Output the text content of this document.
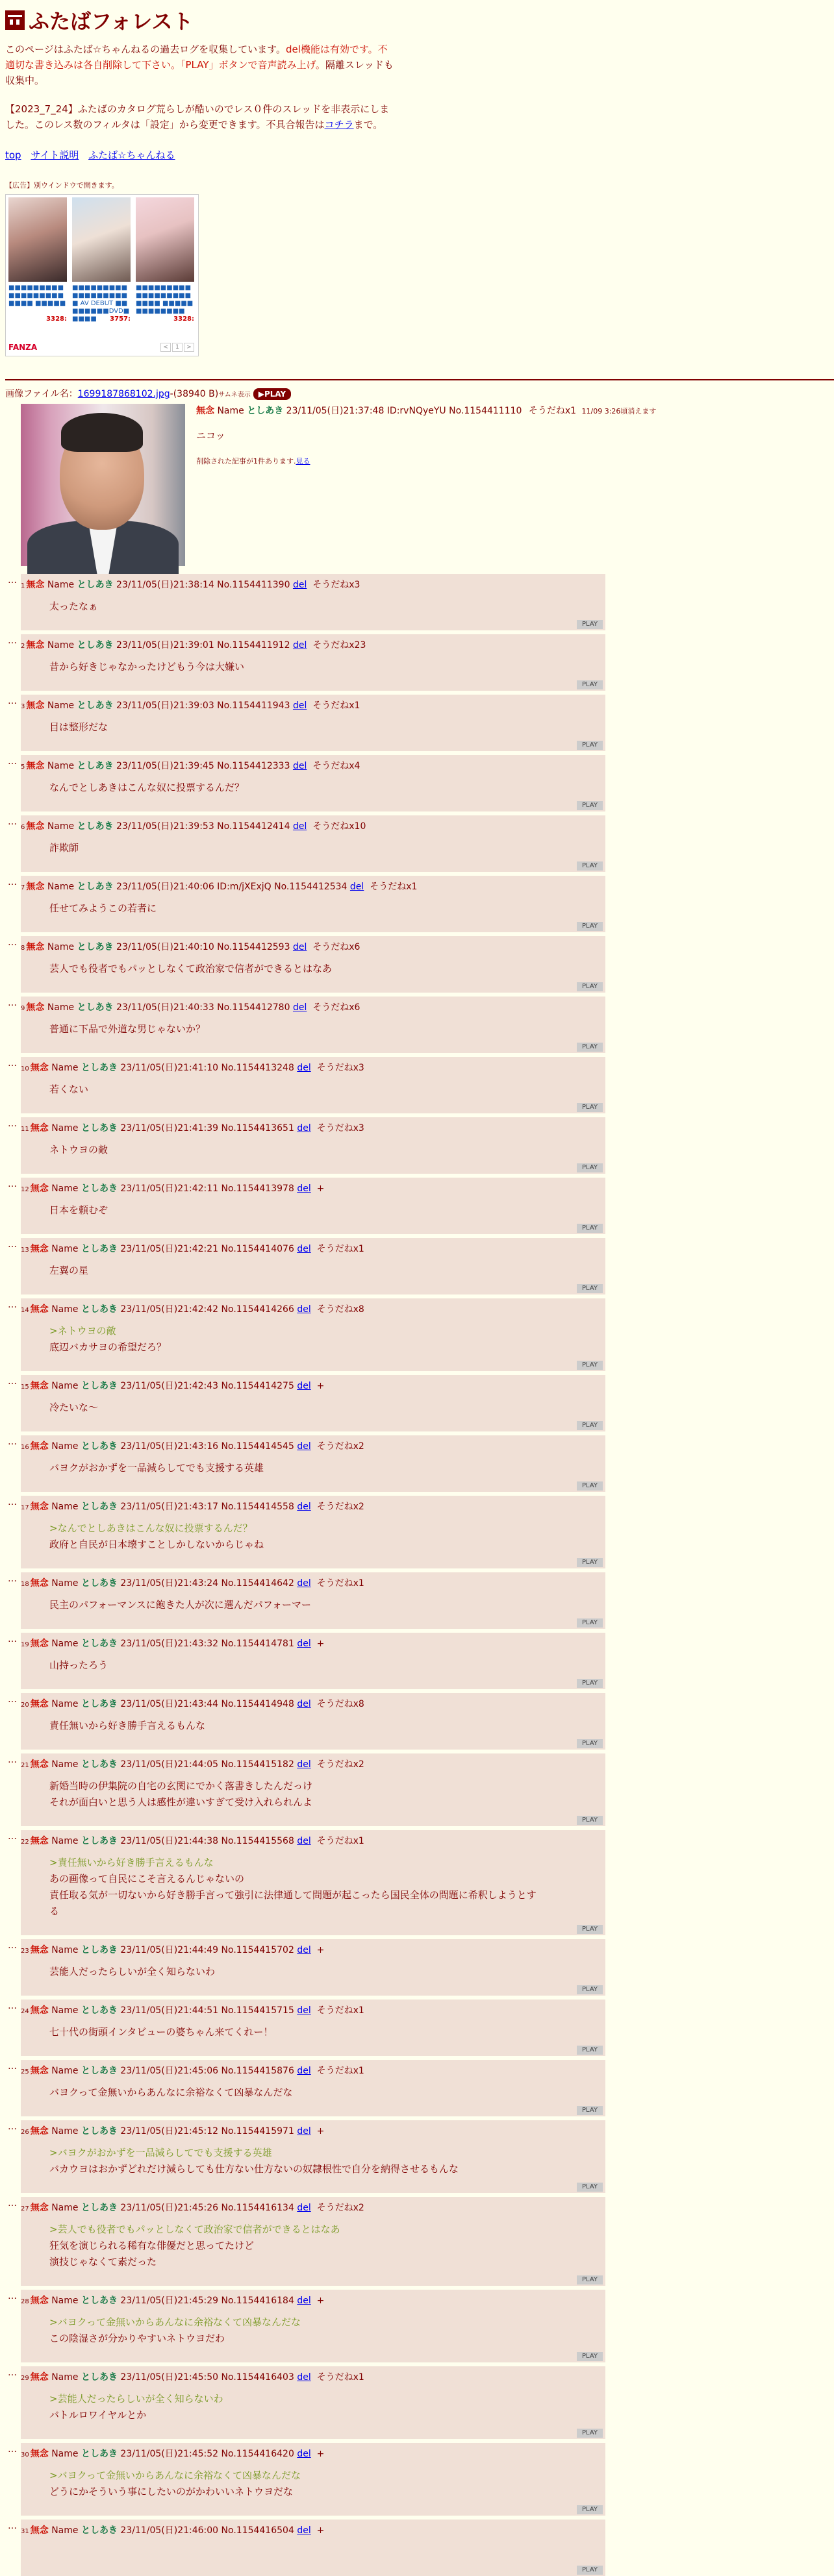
ふたばフォレスト

このページはふたば☆ちゃんねるの過去ログを収集しています。del機能は有効です。不適切な書き込みは各自削除して下さい。「PLAY」ボタンで音声読み上げ。隔離スレッドも収集中。

【2023_7_24】ふたばのカタログ荒らしが酷いのでレス０件のスレッドを非表示にしました。このレス数のフィルタは「設定」から変更できます。不具合報告はコチラまで。

top サイト説明 ふたば☆ちゃんねる
【広告】別ウインドウで開きます。
■■■■■■■■■■■■■■■■■■■■■■ ■■■■■
3328:
■■■■■■■■■■■■■■■■■■■ AV DEBUT ■■■■■■■■DVD■■■■■	3757:
■■■■■■■■■■■■■■■■■■ ■■■■ ■■■■■■■■■■■■■
3328:
FANZA	<	1	>
画像ファイル名：1699187868102.jpg-(38940 B)サムネ表示 ▶PLAY
無念 Name としあき 23/11/05(日)21:37:48 ID:rvNQyeYU No.1154411110 そうだねx1 11/09 3:26頃消えます
ニコッ
削除された記事が1件あります.見る
…
1 無念 Name としあき 23/11/05(日)21:38:14 No.1154411390 del そうだねx3
太ったなぁ
PLAY
…
2 無念 Name としあき 23/11/05(日)21:39:01 No.1154411912 del そうだねx23
昔から好きじゃなかったけどもう今は大嫌い
PLAY
…
3 無念 Name としあき 23/11/05(日)21:39:03 No.1154411943 del そうだねx1
目は整形だな
PLAY
…
5 無念 Name としあき 23/11/05(日)21:39:45 No.1154412333 del そうだねx4
なんでとしあきはこんな奴に投票するんだ？
PLAY
…
6 無念 Name としあき 23/11/05(日)21:39:53 No.1154412414 del そうだねx10
詐欺師
PLAY
…
7 無念 Name としあき 23/11/05(日)21:40:06 ID:m/jXExjQ No.1154412534 del そうだねx1
任せてみようこの若者に
PLAY
…
8 無念 Name としあき 23/11/05(日)21:40:10 No.1154412593 del そうだねx6
芸人でも役者でもパッとしなくて政治家で信者ができるとはなあ
PLAY
…
9 無念 Name としあき 23/11/05(日)21:40:33 No.1154412780 del そうだねx6
普通に下品で外道な男じゃないか？
PLAY
…
10 無念 Name としあき 23/11/05(日)21:41:10 No.1154413248 del そうだねx3
若くない
PLAY
…
11 無念 Name としあき 23/11/05(日)21:41:39 No.1154413651 del そうだねx3
ネトウヨの敵
PLAY
…
12 無念 Name としあき 23/11/05(日)21:42:11 No.1154413978 del +
日本を頼むぞ
PLAY
…
13 無念 Name としあき 23/11/05(日)21:42:21 No.1154414076 del そうだねx1
左翼の星
PLAY
…
14 無念 Name としあき 23/11/05(日)21:42:42 No.1154414266 del そうだねx8
>ネトウヨの敵
底辺バカサヨの希望だろ？
PLAY
…
15 無念 Name としあき 23/11/05(日)21:42:43 No.1154414275 del +
冷たいな〜
PLAY
…
16 無念 Name としあき 23/11/05(日)21:43:16 No.1154414545 del そうだねx2
バヨクがおかずを一品減らしてでも支援する英雄
PLAY
…
17 無念 Name としあき 23/11/05(日)21:43:17 No.1154414558 del そうだねx2
>なんでとしあきはこんな奴に投票するんだ？
政府と自民が日本壊すことしかしないからじゃね
PLAY
…
18 無念 Name としあき 23/11/05(日)21:43:24 No.1154414642 del そうだねx1
民主のパフォーマンスに飽きた人が次に選んだパフォーマー
PLAY
…
19 無念 Name としあき 23/11/05(日)21:43:32 No.1154414781 del +
山持ったろう
PLAY
…
20 無念 Name としあき 23/11/05(日)21:43:44 No.1154414948 del そうだねx8
責任無いから好き勝手言えるもんな
PLAY
…
21 無念 Name としあき 23/11/05(日)21:44:05 No.1154415182 del そうだねx2
新婚当時の伊集院の自宅の玄関にでかく落書きしたんだっけ
それが面白いと思う人は感性が違いすぎて受け入れられんよ
PLAY
…
22 無念 Name としあき 23/11/05(日)21:44:38 No.1154415568 del そうだねx1
>責任無いから好き勝手言えるもんな
あの画像って自民にこそ言えるんじゃないの
責任取る気が一切ないから好き勝手言って強引に法律通して問題が起こったら国民全体の問題に希釈しようとす
る
PLAY
…
23 無念 Name としあき 23/11/05(日)21:44:49 No.1154415702 del +
芸能人だったらしいが全く知らないわ
PLAY
…
24 無念 Name としあき 23/11/05(日)21:44:51 No.1154415715 del そうだねx1
七十代の街頭インタビューの婆ちゃん来てくれー！
PLAY
…
25 無念 Name としあき 23/11/05(日)21:45:06 No.1154415876 del そうだねx1
バヨクって金無いからあんなに余裕なくて凶暴なんだな
PLAY
…
26 無念 Name としあき 23/11/05(日)21:45:12 No.1154415971 del +
>バヨクがおかずを一品減らしてでも支援する英雄
バカウヨはおかずどれだけ減らしても仕方ない仕方ないの奴隷根性で自分を納得させるもんな
PLAY
…
27 無念 Name としあき 23/11/05(日)21:45:26 No.1154416134 del そうだねx2
>芸人でも役者でもパッとしなくて政治家で信者ができるとはなあ
狂気を演じられる稀有な俳優だと思ってたけど
演技じゃなくて素だった
PLAY
…
28 無念 Name としあき 23/11/05(日)21:45:29 No.1154416184 del +
>バヨクって金無いからあんなに余裕なくて凶暴なんだな
この陰湿さが分かりやすいネトウヨだわ
PLAY
…
29 無念 Name としあき 23/11/05(日)21:45:50 No.1154416403 del そうだねx1
>芸能人だったらしいが全く知らないわ
バトルロワイヤルとか
PLAY
…
30 無念 Name としあき 23/11/05(日)21:45:52 No.1154416420 del +
>バヨクって金無いからあんなに余裕なくて凶暴なんだな
どうにかそういう事にしたいのがかわいいネトウヨだな
PLAY
…
31 無念 Name としあき 23/11/05(日)21:46:00 No.1154416504 del +
PLAY
